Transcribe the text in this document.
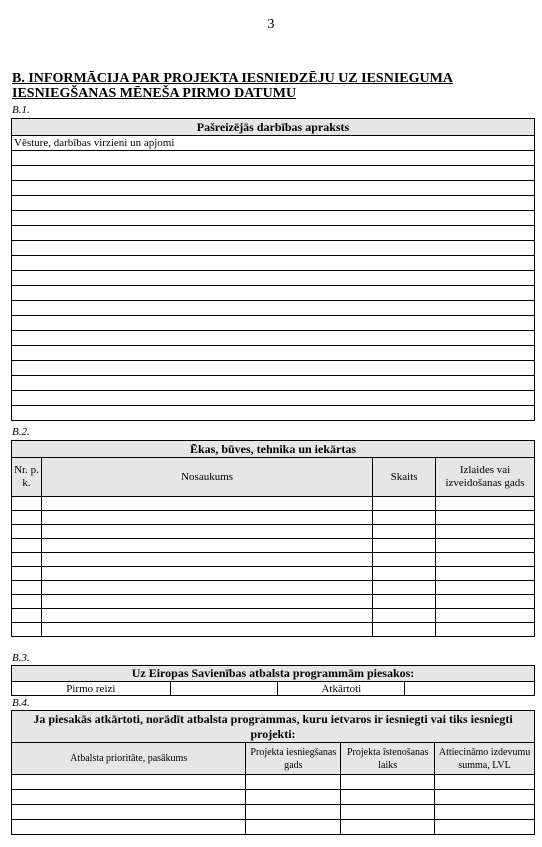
3
B. INFORMĀCIJA PAR PROJEKTA IESNIEDZĒJU UZ IESNIEGUMA IESNIEGŠANAS MĒNEŠA PIRMO DATUMU
B.1.
Pašreizējās darbības apraksts
Vēsture, darbības virzieni un apjomi

B.2.
Ēkas, būves, tehnika un iekārtas			
Nr. p. k.	Nosaukums	Skaits	Izlaides vai izveidošanas gads

B.3.
Uz Eiropas Savienības atbalsta programmām piesakos:
Pirmo reizi		Atkārtoti	
B.4.
Ja piesakās atkārtoti, norādīt atbalsta programmas, kuru ietvaros ir iesniegti vai tiks iesniegti projekti:			
Atbalsta prioritāte, pasākums	Projekta iesniegšanas gads	Projekta īstenošanas laiks	Attiecināmo izdevumu summa, LVL
